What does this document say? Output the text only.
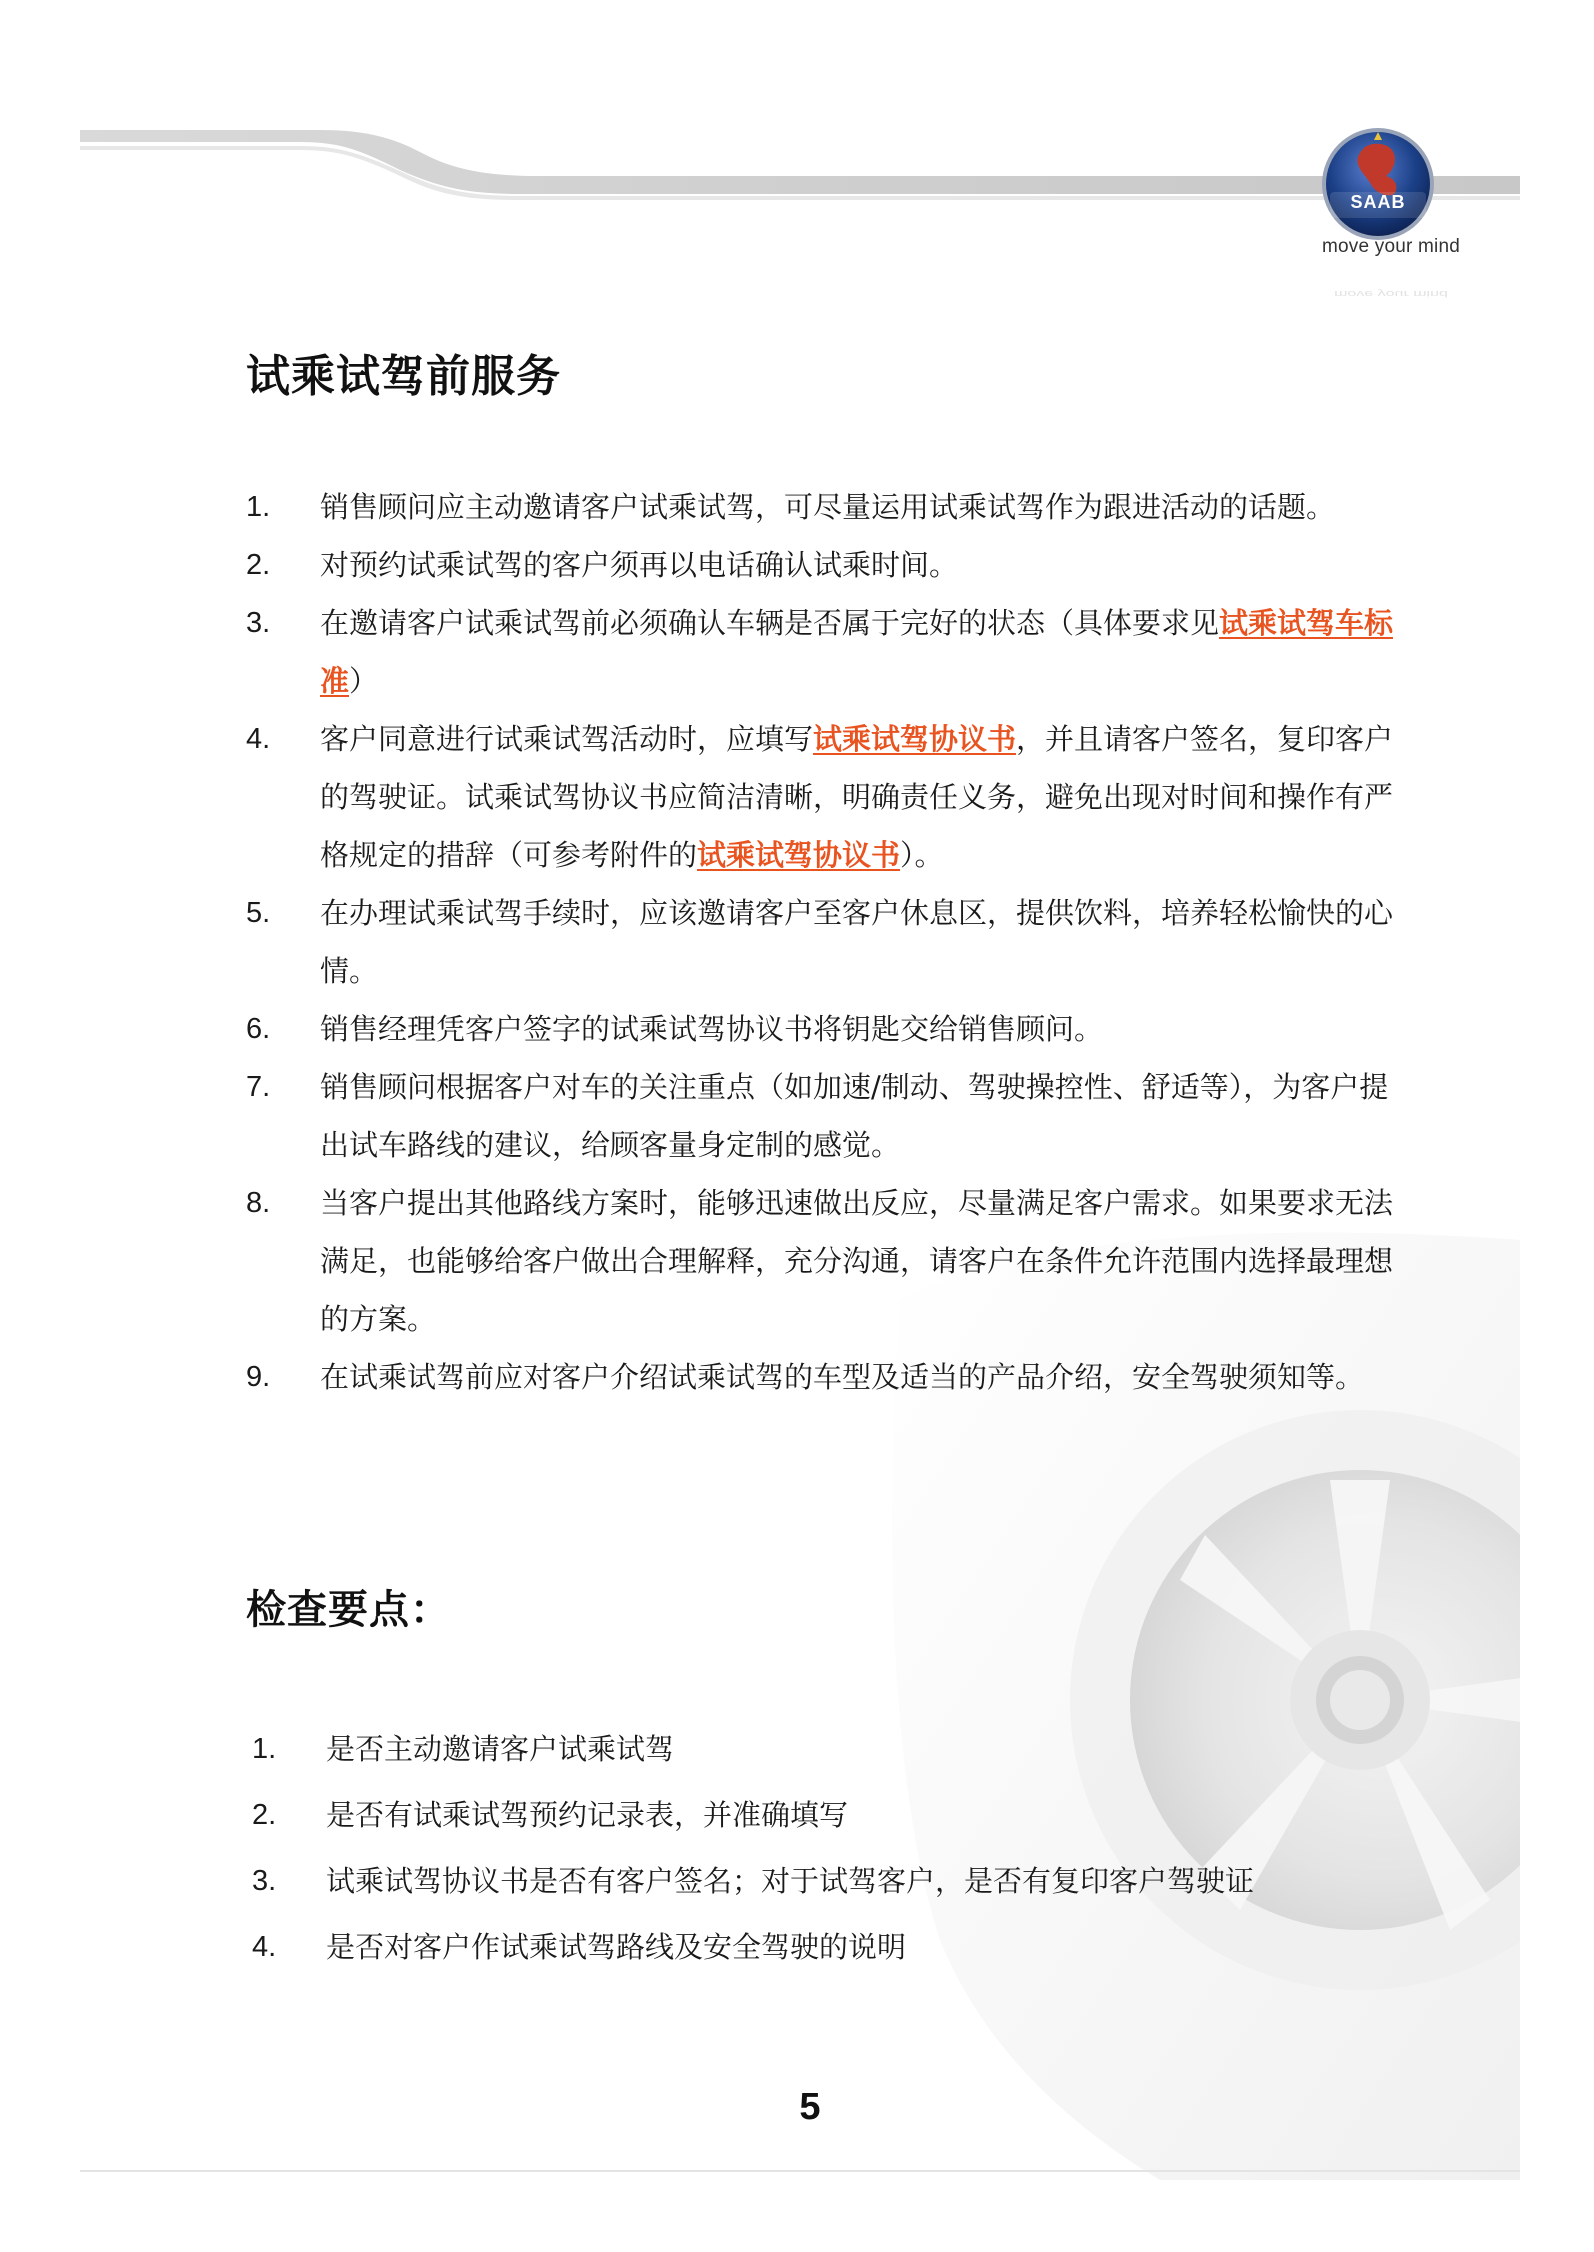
SAAB
move your mind
move your mind
试乘试驾前服务
1. 销售顾问应主动邀请客户试乘试驾，可尽量运用试乘试驾作为跟进活动的话题。
2. 对预约试乘试驾的客户须再以电话确认试乘时间。
3. 在邀请客户试乘试驾前必须确认车辆是否属于完好的状态（具体要求见试乘试驾车标准）
4. 客户同意进行试乘试驾活动时，应填写试乘试驾协议书，并且请客户签名，复印客户的驾驶证。试乘试驾协议书应简洁清晰，明确责任义务，避免出现对时间和操作有严格规定的措辞（可参考附件的试乘试驾协议书）。
5. 在办理试乘试驾手续时，应该邀请客户至客户休息区，提供饮料，培养轻松愉快的心情。
6. 销售经理凭客户签字的试乘试驾协议书将钥匙交给销售顾问。
7. 销售顾问根据客户对车的关注重点（如加速/制动、驾驶操控性、舒适等），为客户提出试车路线的建议，给顾客量身定制的感觉。
8. 当客户提出其他路线方案时，能够迅速做出反应，尽量满足客户需求。如果要求无法满足，也能够给客户做出合理解释，充分沟通，请客户在条件允许范围内选择最理想的方案。
9. 在试乘试驾前应对客户介绍试乘试驾的车型及适当的产品介绍，安全驾驶须知等。
检查要点：
1. 是否主动邀请客户试乘试驾
2. 是否有试乘试驾预约记录表，并准确填写
3. 试乘试驾协议书是否有客户签名；对于试驾客户，是否有复印客户驾驶证
4. 是否对客户作试乘试驾路线及安全驾驶的说明
5
